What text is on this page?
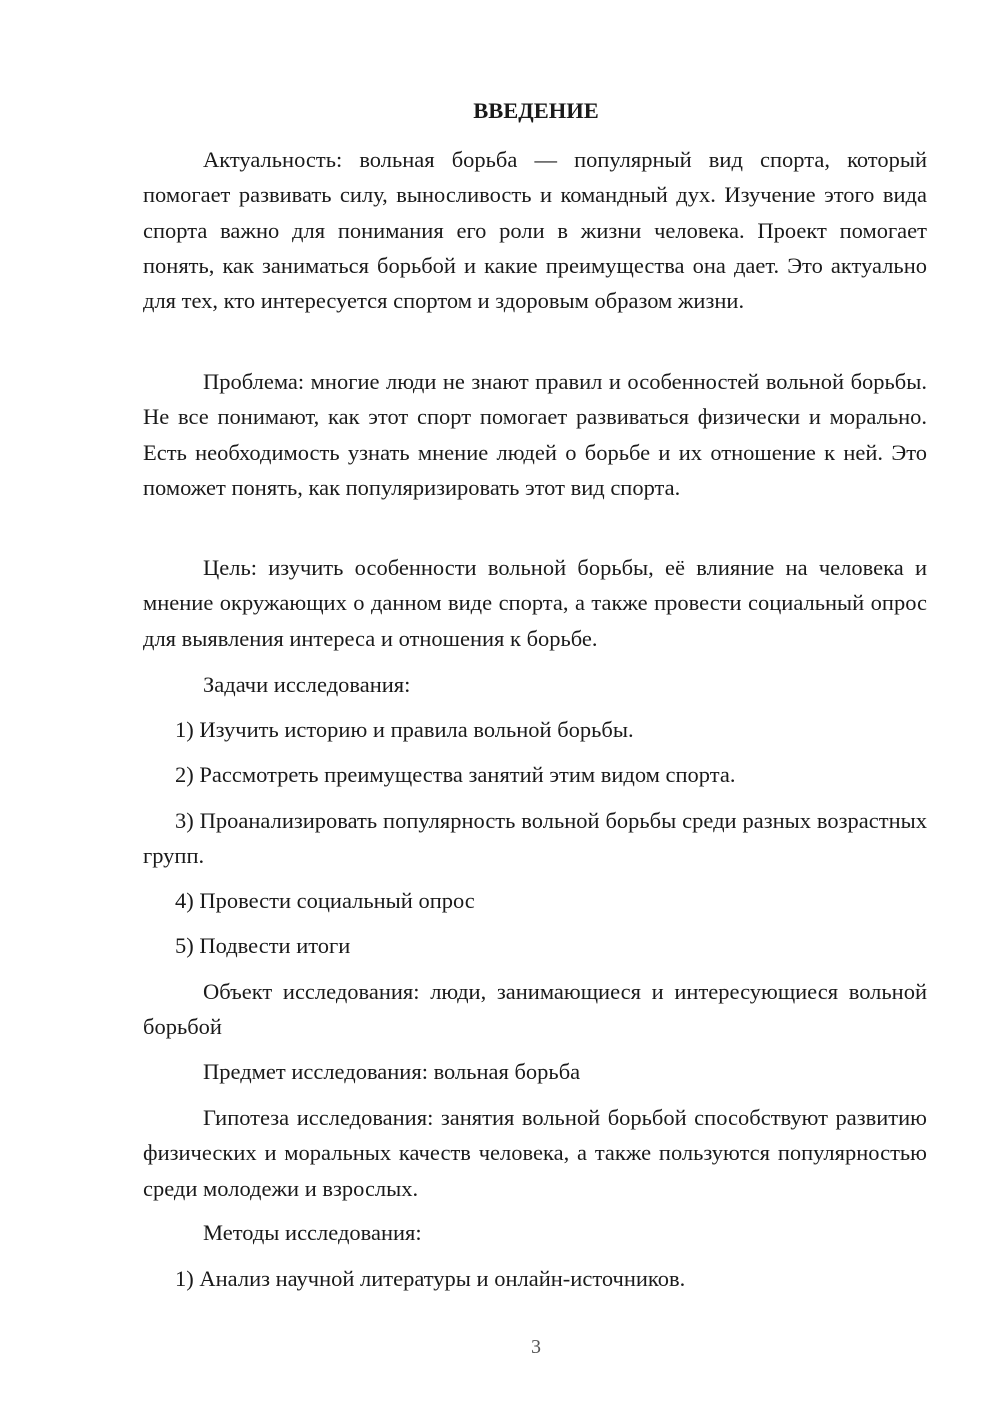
ВВЕДЕНИЕ

Актуальность: вольная борьба — популярный вид спорта, который помогает развивать силу, выносливость и командный дух. Изучение этого вида спорта важно для понимания его роли в жизни человека. Проект помогает понять, как заниматься борьбой и какие преимущества она дает. Это актуально для тех, кто интересуется спортом и здоровым образом жизни.

Проблема: многие люди не знают правил и особенностей вольной борьбы. Не все понимают, как этот спорт помогает развиваться физически и морально. Есть необходимость узнать мнение людей о борьбе и их отношение к ней. Это поможет понять, как популяризировать этот вид спорта.

Цель: изучить особенности вольной борьбы, её влияние на человека и мнение окружающих о данном виде спорта, а также провести социальный опрос для выявления интереса и отношения к борьбе.

Задачи исследования:

1) Изучить историю и правила вольной борьбы.

2) Рассмотреть преимущества занятий этим видом спорта.

3) Проанализировать популярность вольной борьбы среди разных возрастных групп.

4) Провести социальный опрос

5) Подвести итоги

Объект исследования: люди, занимающиеся и интересующиеся вольной борьбой

Предмет исследования: вольная борьба

Гипотеза исследования: занятия вольной борьбой способствуют развитию физических и моральных качеств человека, а также пользуются популярностью среди молодежи и взрослых.

Методы исследования:

1) Анализ научной литературы и онлайн-источников.

3
